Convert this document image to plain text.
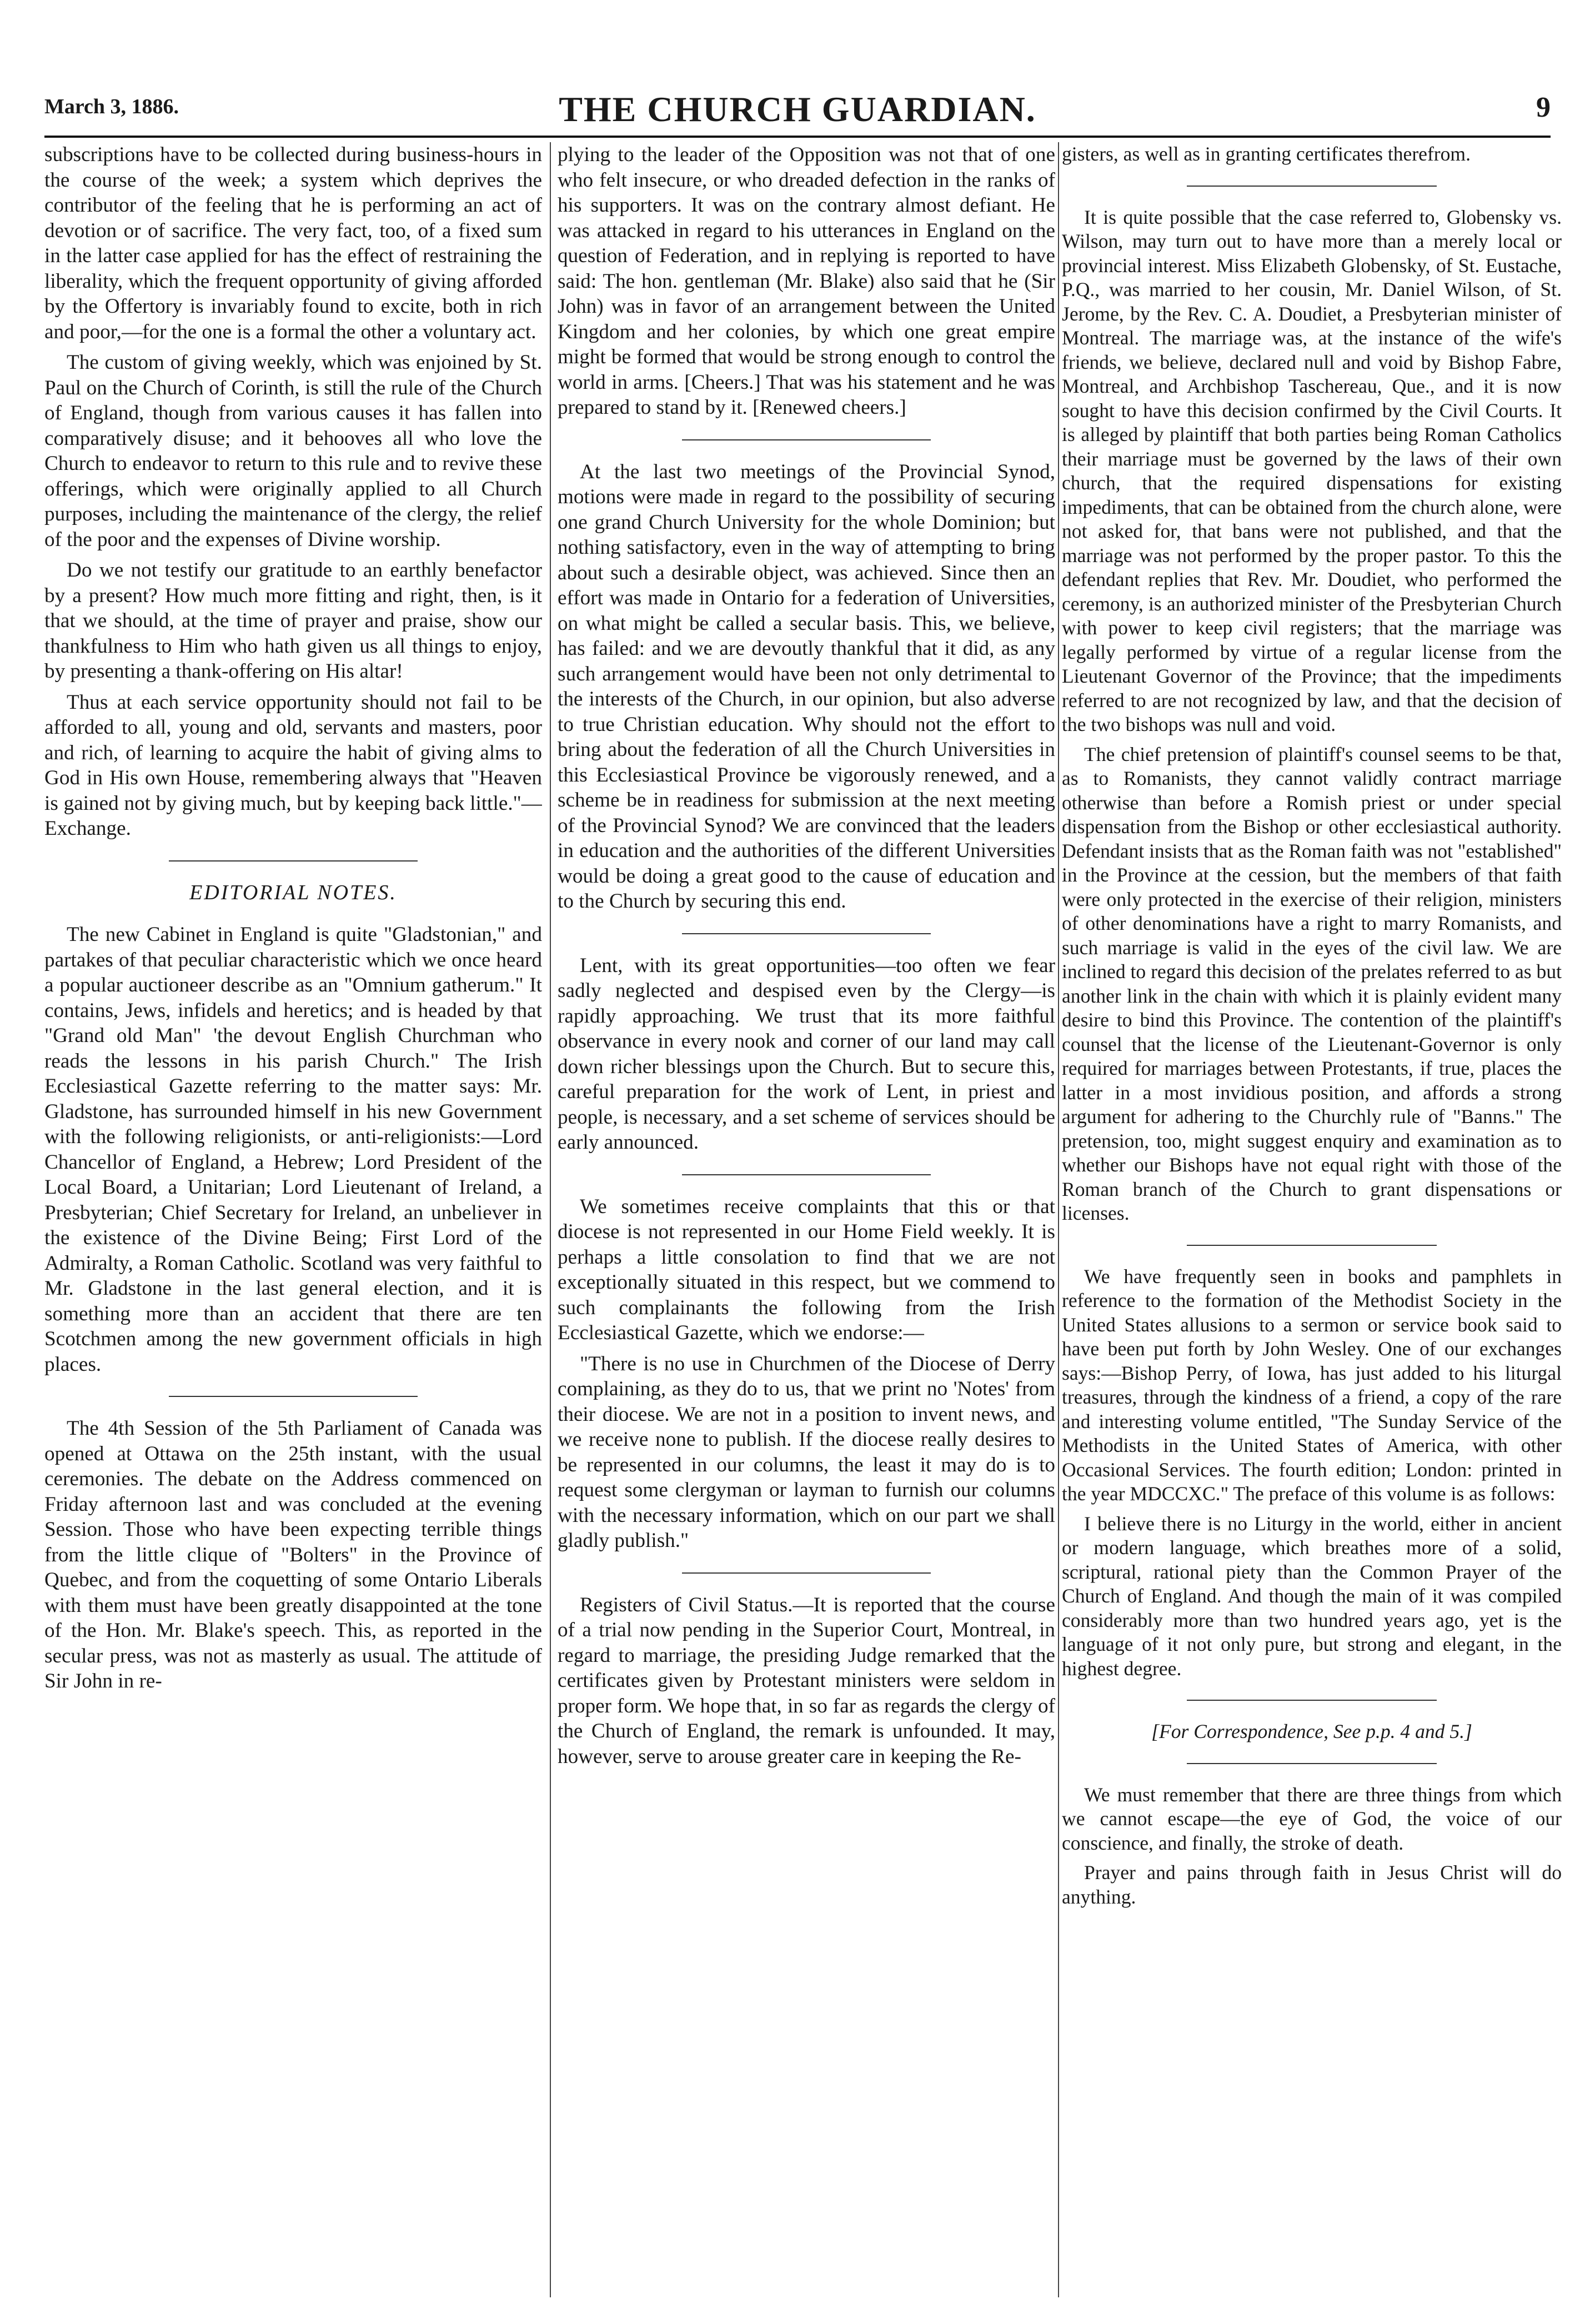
March 3, 1886.	THE CHURCH GUARDIAN.	9

subscriptions have to be collected during business-hours in the course of the week; a system which deprives the contributor of the feeling that he is performing an act of devotion or of sacrifice. The very fact, too, of a fixed sum in the latter case applied for has the effect of restraining the liberality, which the frequent opportunity of giving afforded by the Offertory is invariably found to excite, both in rich and poor,—for the one is a formal the other a voluntary act.

The custom of giving weekly, which was enjoined by St. Paul on the Church of Corinth, is still the rule of the Church of England, though from various causes it has fallen into comparatively disuse; and it behooves all who love the Church to endeavor to return to this rule and to revive these offerings, which were originally applied to all Church purposes, including the maintenance of the clergy, the relief of the poor and the expenses of Divine worship.

Do we not testify our gratitude to an earthly benefactor by a present? How much more fitting and right, then, is it that we should, at the time of prayer and praise, show our thankfulness to Him who hath given us all things to enjoy, by presenting a thank-offering on His altar!

Thus at each service opportunity should not fail to be afforded to all, young and old, servants and masters, poor and rich, of learning to acquire the habit of giving alms to God in His own House, remembering always that "Heaven is gained not by giving much, but by keeping back little."—Exchange.

EDITORIAL NOTES.

The new Cabinet in England is quite "Gladstonian," and partakes of that peculiar characteristic which we once heard a popular auctioneer describe as an "Omnium gatherum." It contains, Jews, infidels and heretics; and is headed by that "Grand old Man" 'the devout English Churchman who reads the lessons in his parish Church." The Irish Ecclesiastical Gazette referring to the matter says: Mr. Gladstone, has surrounded himself in his new Government with the following religionists, or anti-religionists:—Lord Chancellor of England, a Hebrew; Lord President of the Local Board, a Unitarian; Lord Lieutenant of Ireland, a Presbyterian; Chief Secretary for Ireland, an unbeliever in the existence of the Divine Being; First Lord of the Admiralty, a Roman Catholic. Scotland was very faithful to Mr. Gladstone in the last general election, and it is something more than an accident that there are ten Scotchmen among the new government officials in high places.

The 4th Session of the 5th Parliament of Canada was opened at Ottawa on the 25th instant, with the usual ceremonies. The debate on the Address commenced on Friday afternoon last and was concluded at the evening Session. Those who have been expecting terrible things from the little clique of "Bolters" in the Province of Quebec, and from the coquetting of some Ontario Liberals with them must have been greatly disappointed at the tone of the Hon. Mr. Blake's speech. This, as reported in the secular press, was not as masterly as usual. The attitude of Sir John in re-

plying to the leader of the Opposition was not that of one who felt insecure, or who dreaded defection in the ranks of his supporters. It was on the contrary almost defiant. He was attacked in regard to his utterances in England on the question of Federation, and in replying is reported to have said: The hon. gentleman (Mr. Blake) also said that he (Sir John) was in favor of an arrangement between the United Kingdom and her colonies, by which one great empire might be formed that would be strong enough to control the world in arms. [Cheers.] That was his statement and he was prepared to stand by it. [Renewed cheers.]

At the last two meetings of the Provincial Synod, motions were made in regard to the possibility of securing one grand Church University for the whole Dominion; but nothing satisfactory, even in the way of attempting to bring about such a desirable object, was achieved. Since then an effort was made in Ontario for a federation of Universities, on what might be called a secular basis. This, we believe, has failed: and we are devoutly thankful that it did, as any such arrangement would have been not only detrimental to the interests of the Church, in our opinion, but also adverse to true Christian education. Why should not the effort to bring about the federation of all the Church Universities in this Ecclesiastical Province be vigorously renewed, and a scheme be in readiness for submission at the next meeting of the Provincial Synod? We are convinced that the leaders in education and the authorities of the different Universities would be doing a great good to the cause of education and to the Church by securing this end.

Lent, with its great opportunities—too often we fear sadly neglected and despised even by the Clergy—is rapidly approaching. We trust that its more faithful observance in every nook and corner of our land may call down richer blessings upon the Church. But to secure this, careful preparation for the work of Lent, in priest and people, is necessary, and a set scheme of services should be early announced.

We sometimes receive complaints that this or that diocese is not represented in our Home Field weekly. It is perhaps a little consolation to find that we are not exceptionally situated in this respect, but we commend to such complainants the following from the Irish Ecclesiastical Gazette, which we endorse:—

"There is no use in Churchmen of the Diocese of Derry complaining, as they do to us, that we print no 'Notes' from their diocese. We are not in a position to invent news, and we receive none to publish. If the diocese really desires to be represented in our columns, the least it may do is to request some clergyman or layman to furnish our columns with the necessary information, which on our part we shall gladly publish."

Registers of Civil Status.—It is reported that the course of a trial now pending in the Superior Court, Montreal, in regard to marriage, the presiding Judge remarked that the certificates given by Protestant ministers were seldom in proper form. We hope that, in so far as regards the clergy of the Church of England, the remark is unfounded. It may, however, serve to arouse greater care in keeping the Re-

gisters, as well as in granting certificates therefrom.

It is quite possible that the case referred to, Globensky vs. Wilson, may turn out to have more than a merely local or provincial interest. Miss Elizabeth Globensky, of St. Eustache, P.Q., was married to her cousin, Mr. Daniel Wilson, of St. Jerome, by the Rev. C. A. Doudiet, a Presbyterian minister of Montreal. The marriage was, at the instance of the wife's friends, we believe, declared null and void by Bishop Fabre, Montreal, and Archbishop Taschereau, Que., and it is now sought to have this decision confirmed by the Civil Courts. It is alleged by plaintiff that both parties being Roman Catholics their marriage must be governed by the laws of their own church, that the required dispensations for existing impediments, that can be obtained from the church alone, were not asked for, that bans were not published, and that the marriage was not performed by the proper pastor. To this the defendant replies that Rev. Mr. Doudiet, who performed the ceremony, is an authorized minister of the Presbyterian Church with power to keep civil registers; that the marriage was legally performed by virtue of a regular license from the Lieutenant Governor of the Province; that the impediments referred to are not recognized by law, and that the decision of the two bishops was null and void.

The chief pretension of plaintiff's counsel seems to be that, as to Romanists, they cannot validly contract marriage otherwise than before a Romish priest or under special dispensation from the Bishop or other ecclesiastical authority. Defendant insists that as the Roman faith was not "established" in the Province at the cession, but the members of that faith were only protected in the exercise of their religion, ministers of other denominations have a right to marry Romanists, and such marriage is valid in the eyes of the civil law. We are inclined to regard this decision of the prelates referred to as but another link in the chain with which it is plainly evident many desire to bind this Province. The contention of the plaintiff's counsel that the license of the Lieutenant-Governor is only required for marriages between Protestants, if true, places the latter in a most invidious position, and affords a strong argument for adhering to the Churchly rule of "Banns." The pretension, too, might suggest enquiry and examination as to whether our Bishops have not equal right with those of the Roman branch of the Church to grant dispensations or licenses.

We have frequently seen in books and pamphlets in reference to the formation of the Methodist Society in the United States allusions to a sermon or service book said to have been put forth by John Wesley. One of our exchanges says:—Bishop Perry, of Iowa, has just added to his liturgal treasures, through the kindness of a friend, a copy of the rare and interesting volume entitled, "The Sunday Service of the Methodists in the United States of America, with other Occasional Services. The fourth edition; London: printed in the year MDCCXC." The preface of this volume is as follows:

I believe there is no Liturgy in the world, either in ancient or modern language, which breathes more of a solid, scriptural, rational piety than the Common Prayer of the Church of England. And though the main of it was compiled considerably more than two hundred years ago, yet is the language of it not only pure, but strong and elegant, in the highest degree.

[For Correspondence, See p.p. 4 and 5.]

We must remember that there are three things from which we cannot escape—the eye of God, the voice of our conscience, and finally, the stroke of death.

Prayer and pains through faith in Jesus Christ will do anything.
